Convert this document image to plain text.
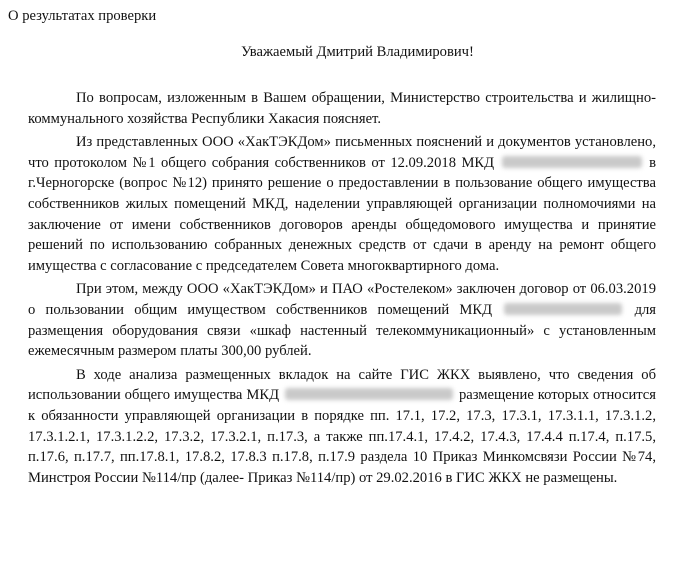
О результатах проверки
Уважаемый Дмитрий Владимирович!

По вопросам, изложенным в Вашем обращении, Министерство строительства и жилищно-коммунального хозяйства Республики Хакасия поясняет.

Из представленных ООО «ХакТЭКДом» письменных пояснений и документов установлено, что протоколом №1 общего собрания собственников от 12.09.2018 МКД	в г.Черногорске (вопрос №12) принято решение о предоставлении в пользование общего имущества собственников жилых помещений МКД, наделении управляющей организации полномочиями на заключение от имени собственников договоров аренды общедомового имущества и принятие решений по использованию собранных денежных средств от сдачи в аренду на ремонт общего имущества с согласование с председателем Совета многоквартирного дома.

При этом, между ООО «ХакТЭКДом» и ПАО «Ростелеком» заключен договор от 06.03.2019 о пользовании общим имуществом собственников помещений МКД	для размещения оборудования связи «шкаф настенный телекоммуникационный» с установленным ежемесячным размером платы 300,00 рублей.

В ходе анализа размещенных вкладок на сайте ГИС ЖКХ выявлено, что сведения об использовании общего имущества МКД	размещение которых относится к обязанности управляющей организации в порядке пп. 17.1, 17.2, 17.3, 17.3.1, 17.3.1.1, 17.3.1.2, 17.3.1.2.1, 17.3.1.2.2, 17.3.2, 17.3.2.1, п.17.3, а также пп.17.4.1, 17.4.2, 17.4.3, 17.4.4 п.17.4, п.17.5, п.17.6, п.17.7, пп.17.8.1, 17.8.2, 17.8.3 п.17.8, п.17.9 раздела 10 Приказ Минкомсвязи России №74, Минстроя России №114/пр (далее- Приказ №114/пр) от 29.02.2016 в ГИС ЖКХ не размещены.
